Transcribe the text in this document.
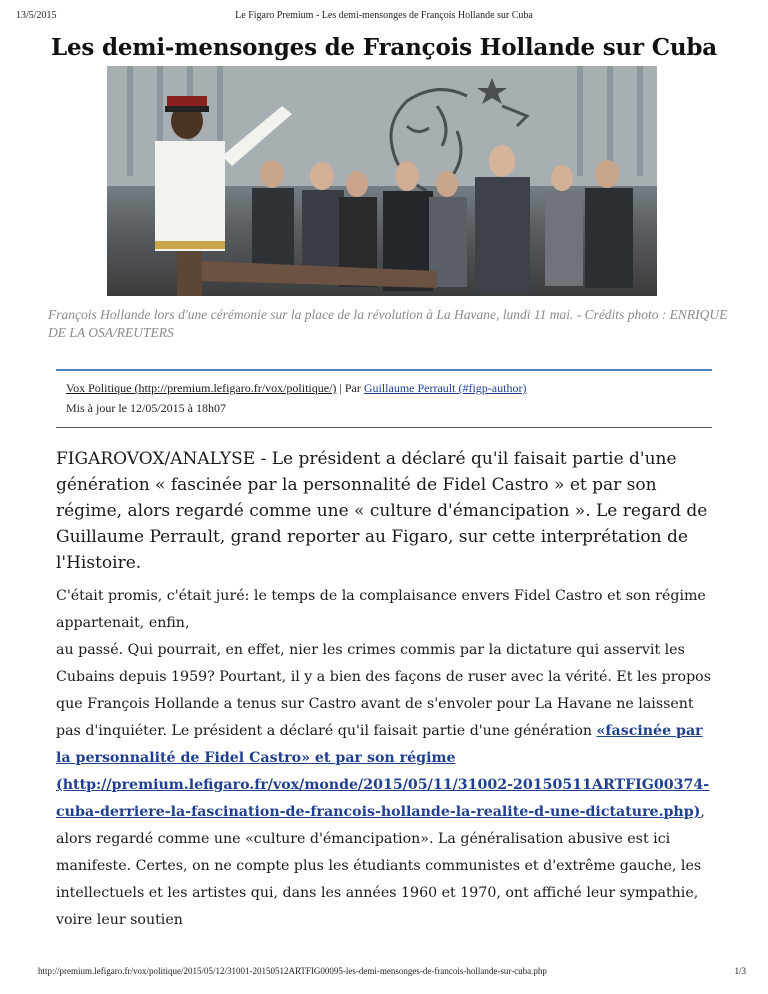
13/5/2015	Le Figaro Premium - Les demi-mensonges de François Hollande sur Cuba
Les demi-mensonges de François Hollande sur Cuba
François Hollande lors d'une cérémonie sur la place de la révolution à La Havane, lundi 11 mai. - Crédits photo : ENRIQUE DE LA OSA/REUTERS
Vox Politique (http://premium.lefigaro.fr/vox/politique/) | Par Guillaume Perrault (#figp-author)
Mis à jour le 12/05/2015 à 18h07

FIGAROVOX/ANALYSE - Le président a déclaré qu'il faisait partie d'une génération « fascinée par la personnalité de Fidel Castro » et par son régime, alors regardé comme une « culture d'émancipation ». Le regard de Guillaume Perrault, grand reporter au Figaro, sur cette interprétation de l'Histoire.

C'était promis, c'était juré: le temps de la complaisance envers Fidel Castro et son régime appartenait, enfin,
au passé. Qui pourrait, en effet, nier les crimes commis par la dictature qui asservit les Cubains depuis 1959? Pourtant, il y a bien des façons de ruser avec la vérité. Et les propos que François Hollande a tenus sur Castro avant de s'envoler pour La Havane ne laissent pas d'inquiéter. Le président a déclaré qu'il faisait partie d'une génération «fascinée par la personnalité de Fidel Castro» et par son régime (http://premium.lefigaro.fr/vox/monde/2015/05/11/31002-20150511ARTFIG00374-cuba-derriere-la-fascination-de-francois-hollande-la-realite-d-une-dictature.php), alors regardé comme une «culture d'émancipation». La généralisation abusive est ici manifeste. Certes, on ne compte plus les étudiants communistes et d'extrême gauche, les intellectuels et les artistes qui, dans les années 1960 et 1970, ont affiché leur sympathie, voire leur soutien

http://premium.lefigaro.fr/vox/politique/2015/05/12/31001-20150512ARTFIG00095-les-demi-mensonges-de-francois-hollande-sur-cuba.php	1/3
